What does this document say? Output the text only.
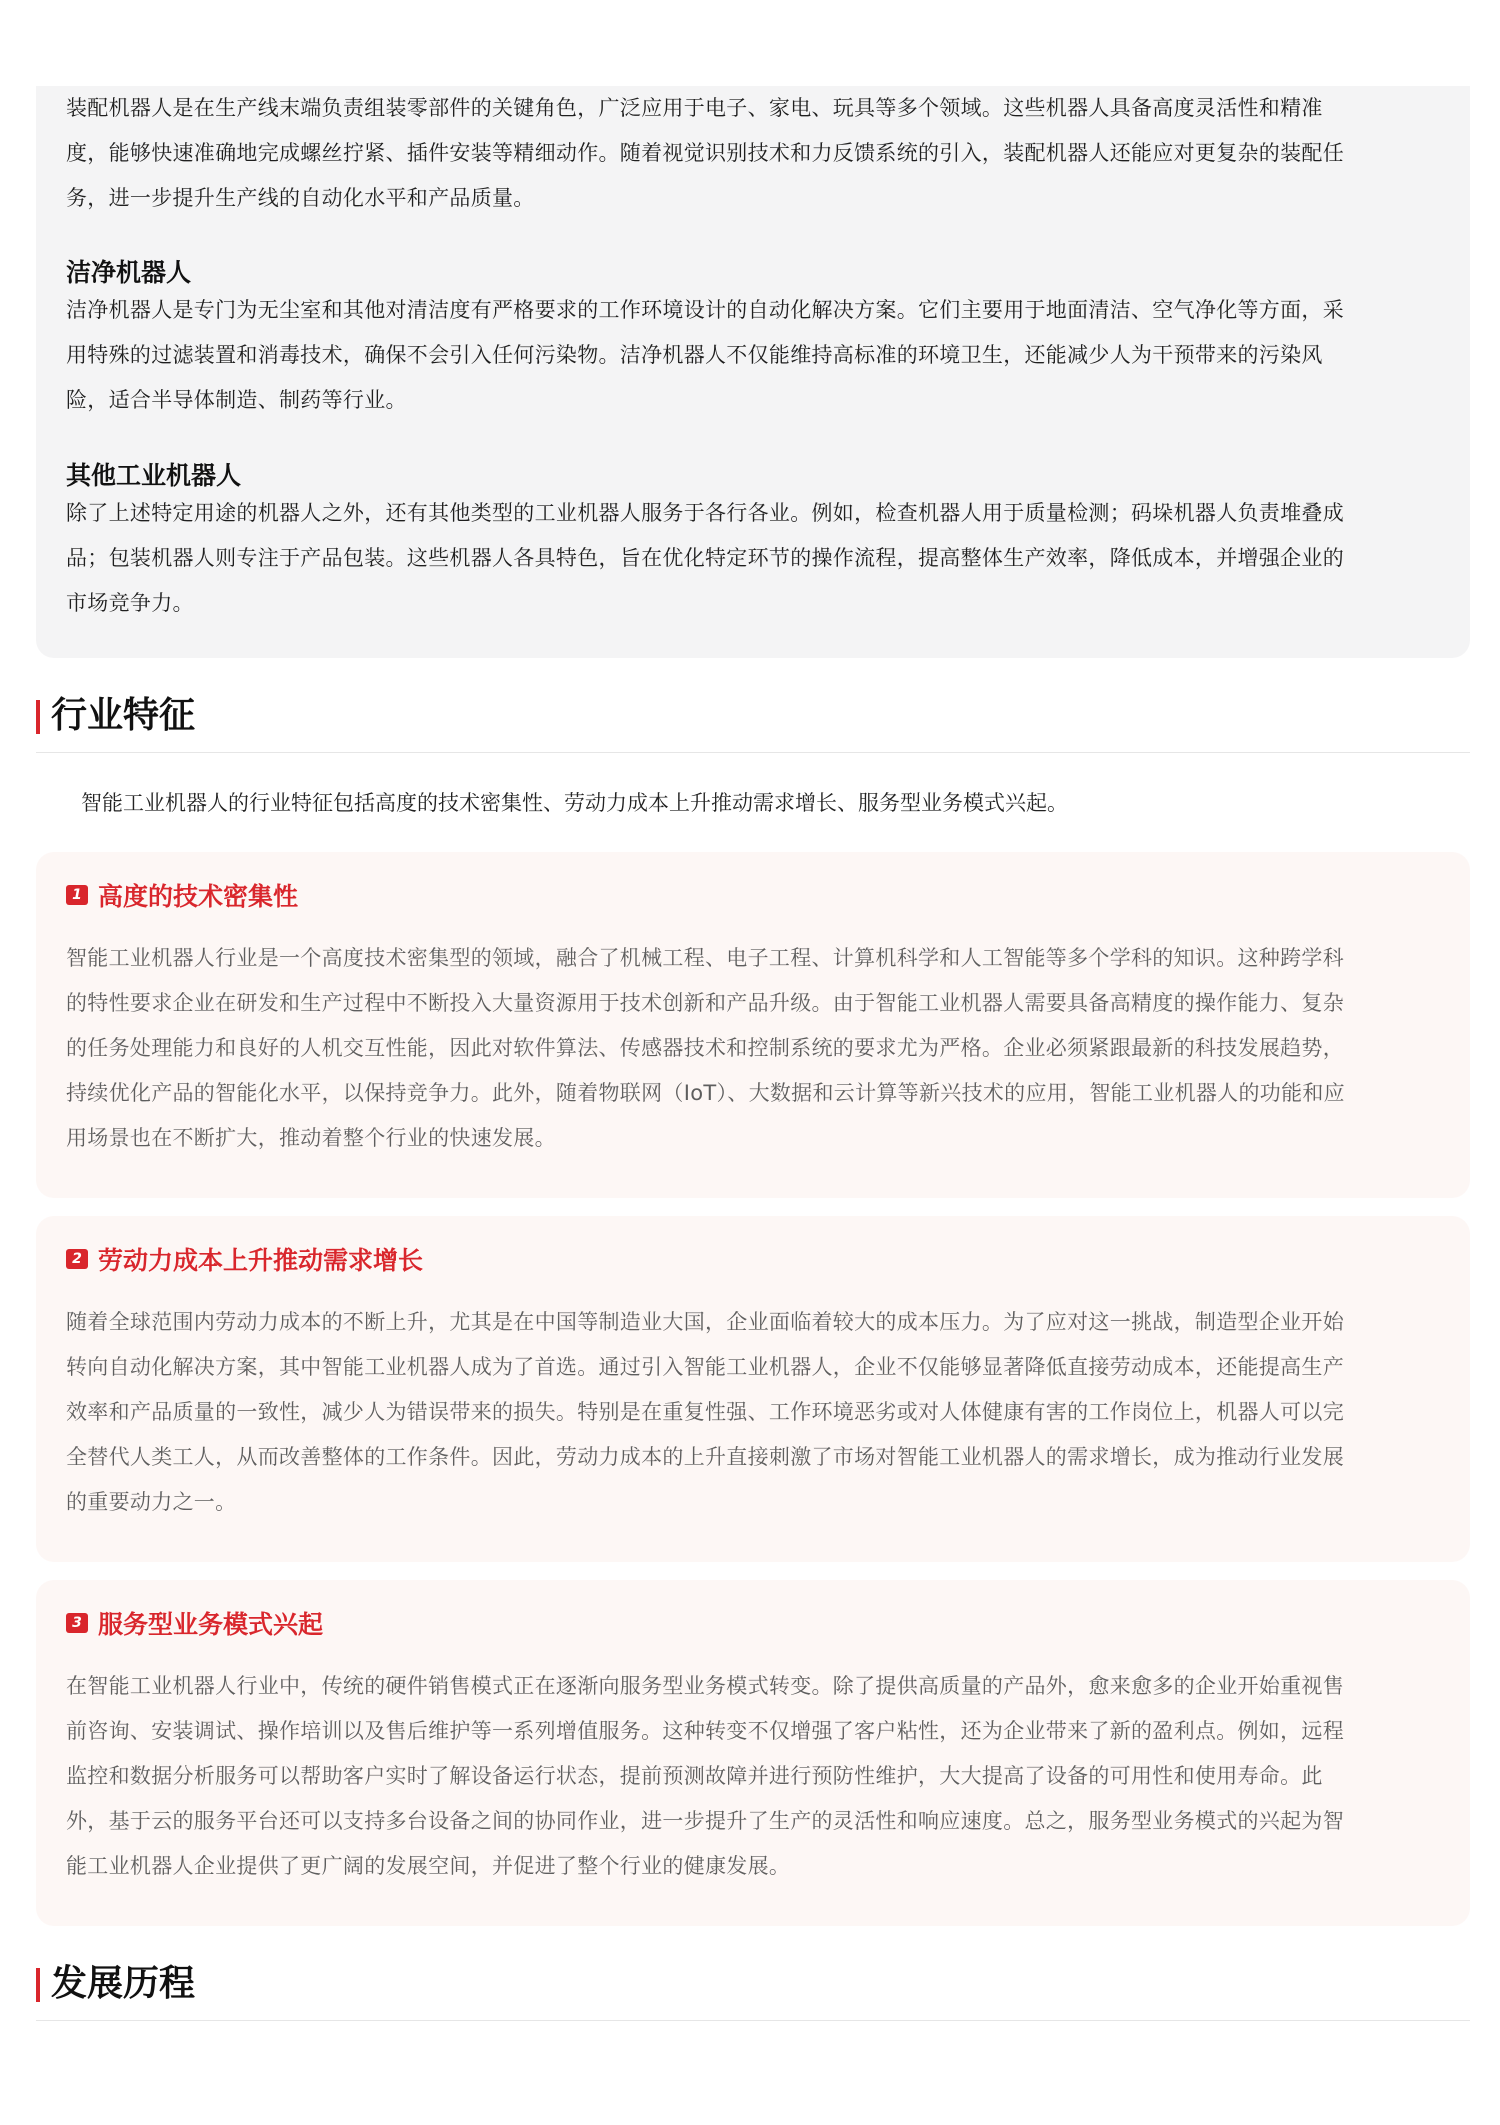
装配机器人是在生产线末端负责组装零部件的关键角色，广泛应用于电子、家电、玩具等多个领域。这些机器人具备高度灵活性和精准
度，能够快速准确地完成螺丝拧紧、插件安装等精细动作。随着视觉识别技术和力反馈系统的引入，装配机器人还能应对更复杂的装配任
务，进一步提升生产线的自动化水平和产品质量。

洁净机器人

洁净机器人是专门为无尘室和其他对清洁度有严格要求的工作环境设计的自动化解决方案。它们主要用于地面清洁、空气净化等方面，采
用特殊的过滤装置和消毒技术，确保不会引入任何污染物。洁净机器人不仅能维持高标准的环境卫生，还能减少人为干预带来的污染风
险，适合半导体制造、制药等行业。

其他工业机器人

除了上述特定用途的机器人之外，还有其他类型的工业机器人服务于各行各业。例如，检查机器人用于质量检测；码垛机器人负责堆叠成
品；包装机器人则专注于产品包装。这些机器人各具特色，旨在优化特定环节的操作流程，提高整体生产效率，降低成本，并增强企业的
市场竞争力。

行业特征
智能工业机器人的行业特征包括高度的技术密集性、劳动力成本上升推动需求增长、服务型业务模式兴起。
1 高度的技术密集性

智能工业机器人行业是一个高度技术密集型的领域，融合了机械工程、电子工程、计算机科学和人工智能等多个学科的知识。这种跨学科
的特性要求企业在研发和生产过程中不断投入大量资源用于技术创新和产品升级。由于智能工业机器人需要具备高精度的操作能力、复杂
的任务处理能力和良好的人机交互性能，因此对软件算法、传感器技术和控制系统的要求尤为严格。企业必须紧跟最新的科技发展趋势，
持续优化产品的智能化水平，以保持竞争力。此外，随着物联网（IoT）、大数据和云计算等新兴技术的应用，智能工业机器人的功能和应
用场景也在不断扩大，推动着整个行业的快速发展。

2 劳动力成本上升推动需求增长

随着全球范围内劳动力成本的不断上升，尤其是在中国等制造业大国，企业面临着较大的成本压力。为了应对这一挑战，制造型企业开始
转向自动化解决方案，其中智能工业机器人成为了首选。通过引入智能工业机器人，企业不仅能够显著降低直接劳动成本，还能提高生产
效率和产品质量的一致性，减少人为错误带来的损失。特别是在重复性强、工作环境恶劣或对人体健康有害的工作岗位上，机器人可以完
全替代人类工人，从而改善整体的工作条件。因此，劳动力成本的上升直接刺激了市场对智能工业机器人的需求增长，成为推动行业发展
的重要动力之一。

3 服务型业务模式兴起

在智能工业机器人行业中，传统的硬件销售模式正在逐渐向服务型业务模式转变。除了提供高质量的产品外，愈来愈多的企业开始重视售
前咨询、安装调试、操作培训以及售后维护等一系列增值服务。这种转变不仅增强了客户粘性，还为企业带来了新的盈利点。例如，远程
监控和数据分析服务可以帮助客户实时了解设备运行状态，提前预测故障并进行预防性维护，大大提高了设备的可用性和使用寿命。此
外，基于云的服务平台还可以支持多台设备之间的协同作业，进一步提升了生产的灵活性和响应速度。总之，服务型业务模式的兴起为智
能工业机器人企业提供了更广阔的发展空间，并促进了整个行业的健康发展。

发展历程
